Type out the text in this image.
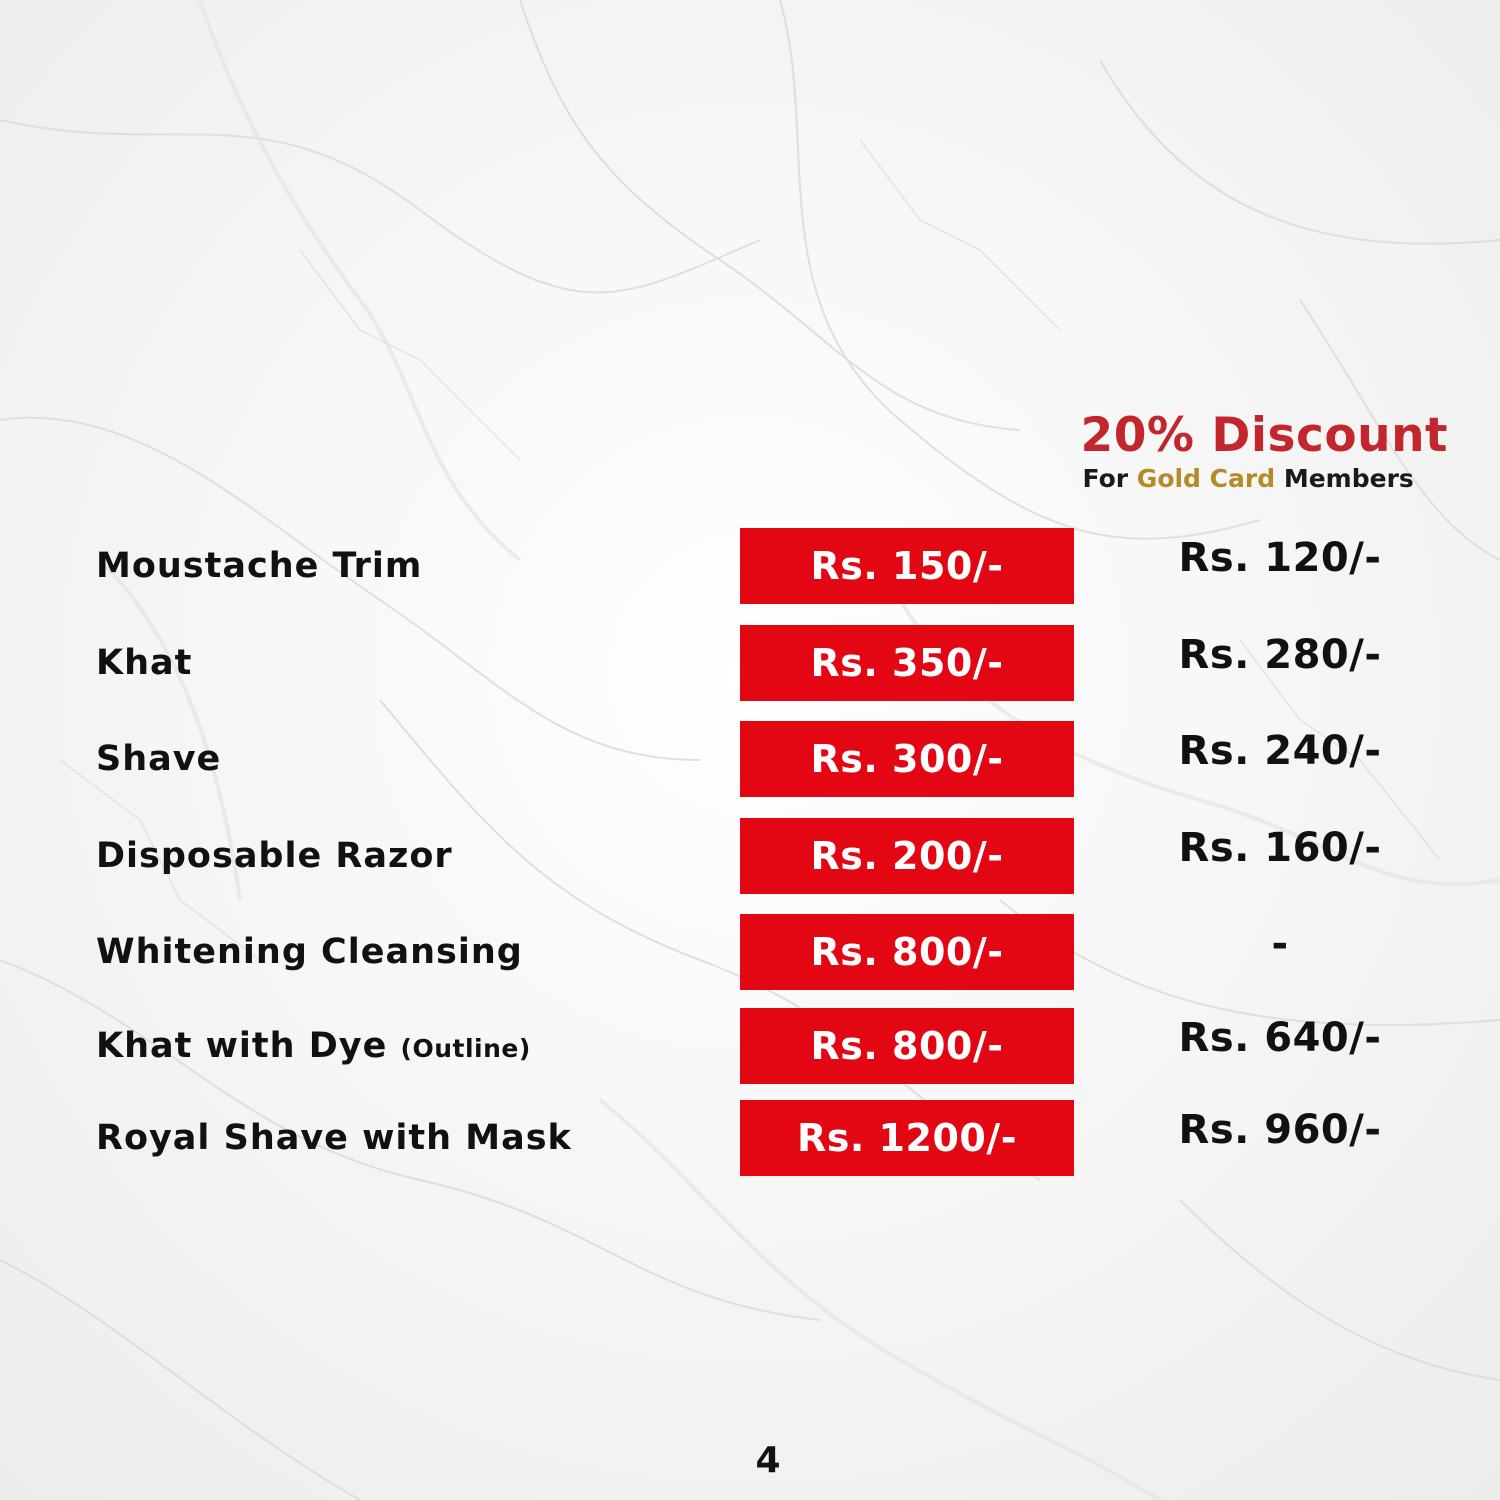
20% Discount
For Gold Card Members
Moustache Trim	Rs. 150/-	Rs. 120/-
Khat	Rs. 350/-	Rs. 280/-
Shave	Rs. 300/-	Rs. 240/-
Disposable Razor	Rs. 200/-	Rs. 160/-
Whitening Cleansing	Rs. 800/-	-
Khat with Dye (Outline)	Rs. 800/-	Rs. 640/-
Royal Shave with Mask	Rs. 1200/-	Rs. 960/-
4
